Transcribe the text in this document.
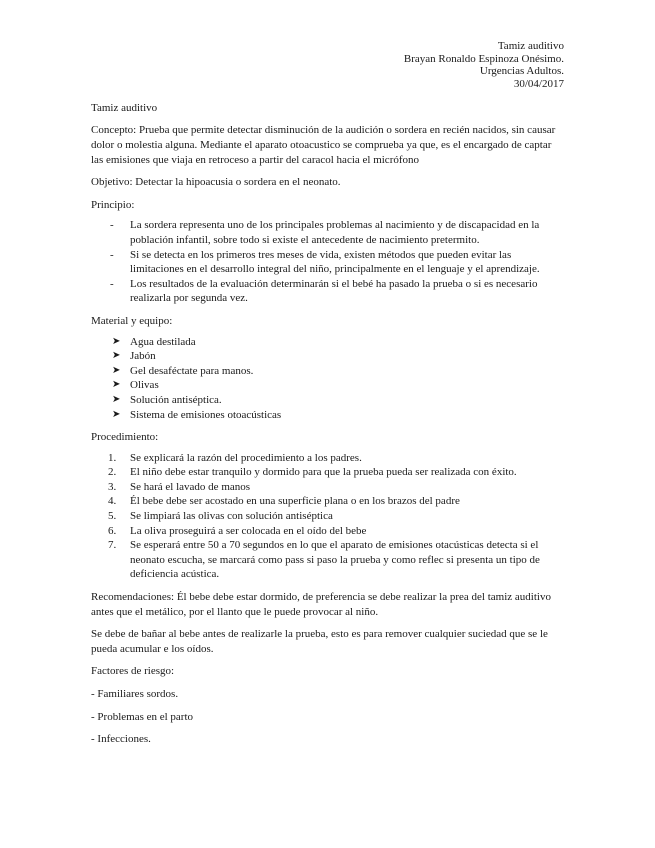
Tamiz auditivo
Brayan Ronaldo Espinoza Onésimo.
Urgencias Adultos.
30/04/2017

Tamiz auditivo

Concepto: Prueba que permite detectar disminución de la audición o sordera en recién nacidos, sin causar dolor o molestia alguna. Mediante el aparato otoacustico se comprueba ya que, es el encargado de captar las emisiones que viaja en retroceso a partir del caracol hacia el micrófono

Objetivo: Detectar la hipoacusia o sordera en el neonato.

Principio:

- La sordera representa uno de los principales problemas al nacimiento y de discapacidad en la población infantil, sobre todo si existe el antecedente de nacimiento pretermito.
- Si se detecta en los primeros tres meses de vida, existen métodos que pueden evitar las limitaciones en el desarrollo integral del niño, principalmente en el lenguaje y el aprendizaje.
- Los resultados de la evaluación determinarán si el bebé ha pasado la prueba o si es necesario realizarla por segunda vez.

Material y equipo:

➤ Agua destilada
➤ Jabón
➤ Gel desaféctate para manos.
➤ Olivas
➤ Solución antiséptica.
➤ Sistema de emisiones otoacústicas

Procedimiento:

1. Se explicará la razón del procedimiento a los padres.
2. El niño debe estar tranquilo y dormido para que la prueba pueda ser realizada con éxito.
3. Se hará el lavado de manos
4. Él bebe debe ser acostado en una superficie plana o en los brazos del padre
5. Se limpiará las olivas con solución antiséptica
6. La oliva proseguirá a ser colocada en el oído del bebe
7. Se esperará entre 50 a 70 segundos en lo que el aparato de emisiones otacústicas detecta si el neonato escucha, se marcará como pass si paso la prueba y como reflec si presenta un tipo de deficiencia acústica.

Recomendaciones: Él bebe debe estar dormido, de preferencia se debe realizar la prea del tamiz auditivo antes que el metálico, por el llanto que le puede provocar al niño.

Se debe de bañar al bebe antes de realizarle la prueba, esto es para remover cualquier suciedad que se le pueda acumular e los oídos.

Factores de riesgo:

- Familiares sordos.

- Problemas en el parto

- Infecciones.
